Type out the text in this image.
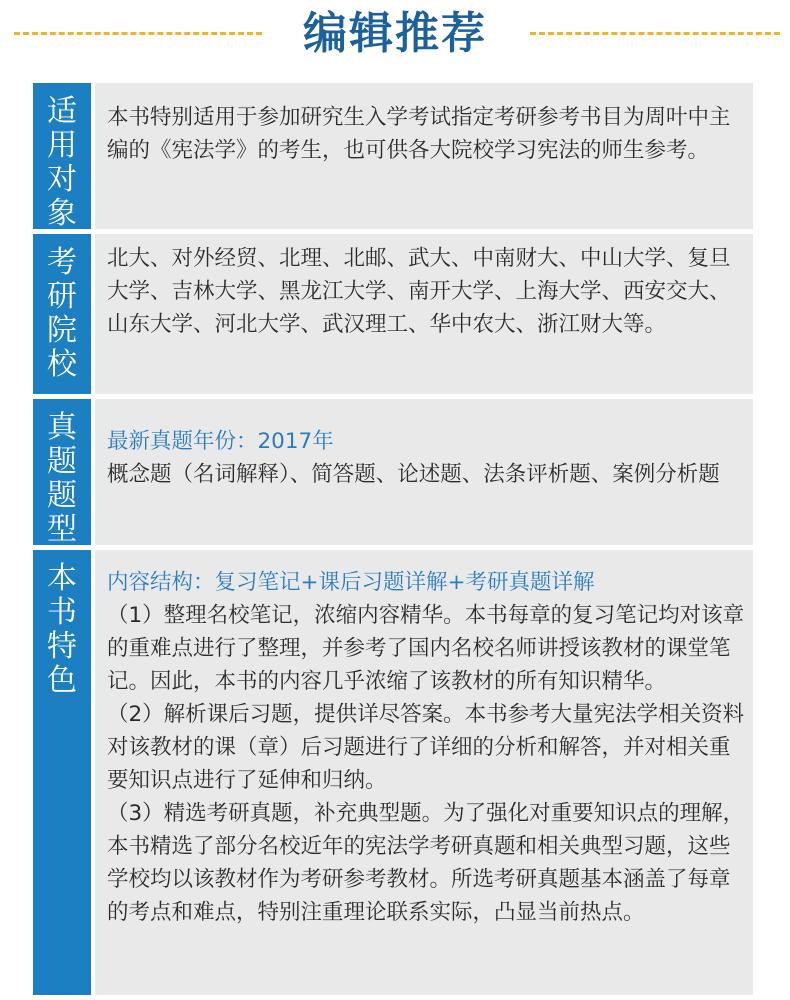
编辑推荐
适
用
对
象

本书特别适用于参加研究生入学考试指定考研参考书目为周叶中主编的《宪法学》的考生，也可供各大院校学习宪法的师生参考。

考
研
院
校

北大、对外经贸、北理、北邮、武大、中南财大、中山大学、复旦大学、吉林大学、黑龙江大学、南开大学、上海大学、西安交大、山东大学、河北大学、武汉理工、华中农大、浙江财大等。

真
题
题
型

最新真题年份：2017年

概念题（名词解释）、简答题、论述题、法条评析题、案例分析题

本
书
特
色

内容结构：复习笔记+课后习题详解+考研真题详解

（1）整理名校笔记，浓缩内容精华。本书每章的复习笔记均对该章的重难点进行了整理，并参考了国内名校名师讲授该教材的课堂笔记。因此，本书的内容几乎浓缩了该教材的所有知识精华。

（2）解析课后习题，提供详尽答案。本书参考大量宪法学相关资料对该教材的课（章）后习题进行了详细的分析和解答，并对相关重要知识点进行了延伸和归纳。

（3）精选考研真题，补充典型题。为了强化对重要知识点的理解，本书精选了部分名校近年的宪法学考研真题和相关典型习题，这些学校均以该教材作为考研参考教材。所选考研真题基本涵盖了每章的考点和难点，特别注重理论联系实际，凸显当前热点。
